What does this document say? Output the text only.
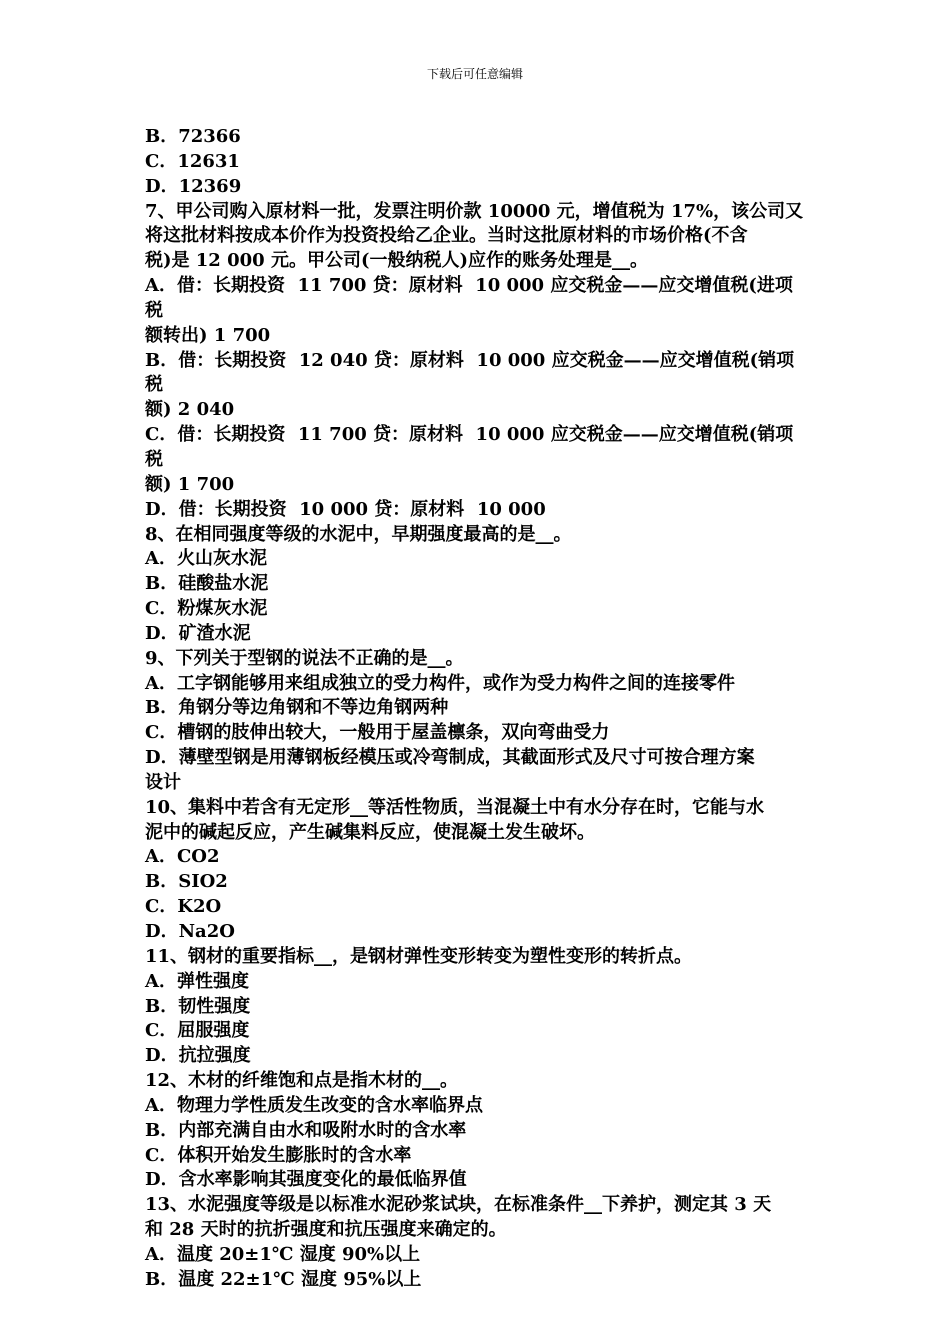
下载后可任意编辑
B．72366
C．12631
D．12369
7、甲公司购入原材料一批，发票注明价款 10000 元，增值税为 17%，该公司又
将这批材料按成本价作为投资投给乙企业。当时这批原材料的市场价格(不含
税)是 12 000 元。甲公司(一般纳税人)应作的账务处理是__。
A．借：长期投资  11 700 贷：原材料  10 000 应交税金——应交增值税(进项税
额转出) 1 700
B．借：长期投资  12 040 贷：原材料  10 000 应交税金——应交增值税(销项税
额) 2 040
C．借：长期投资  11 700 贷：原材料  10 000 应交税金——应交增值税(销项税
额) 1 700
D．借：长期投资  10 000 贷：原材料  10 000
8、在相同强度等级的水泥中，早期强度最高的是__。
A．火山灰水泥
B．硅酸盐水泥
C．粉煤灰水泥
D．矿渣水泥
9、下列关于型钢的说法不正确的是__。
A．工字钢能够用来组成独立的受力构件，或作为受力构件之间的连接零件
B．角钢分等边角钢和不等边角钢两种
C．槽钢的肢伸出较大，一般用于屋盖檩条，双向弯曲受力
D．薄壁型钢是用薄钢板经模压或冷弯制成，其截面形式及尺寸可按合理方案
设计
10、集料中若含有无定形__等活性物质，当混凝土中有水分存在时，它能与水
泥中的碱起反应，产生碱集料反应，使混凝土发生破坏。
A．CO2
B．SIO2
C．K2O
D．Na2O
11、钢材的重要指标__，是钢材弹性变形转变为塑性变形的转折点。
A．弹性强度
B．韧性强度
C．屈服强度
D．抗拉强度
12、木材的纤维饱和点是指木材的__。
A．物理力学性质发生改变的含水率临界点
B．内部充满自由水和吸附水时的含水率
C．体积开始发生膨胀时的含水率
D．含水率影响其强度变化的最低临界值
13、水泥强度等级是以标准水泥砂浆试块，在标准条件__下养护，测定其 3 天
和 28 天时的抗折强度和抗压强度来确定的。
A．温度 20±1℃ 湿度 90%以上
B．温度 22±1℃ 湿度 95%以上
